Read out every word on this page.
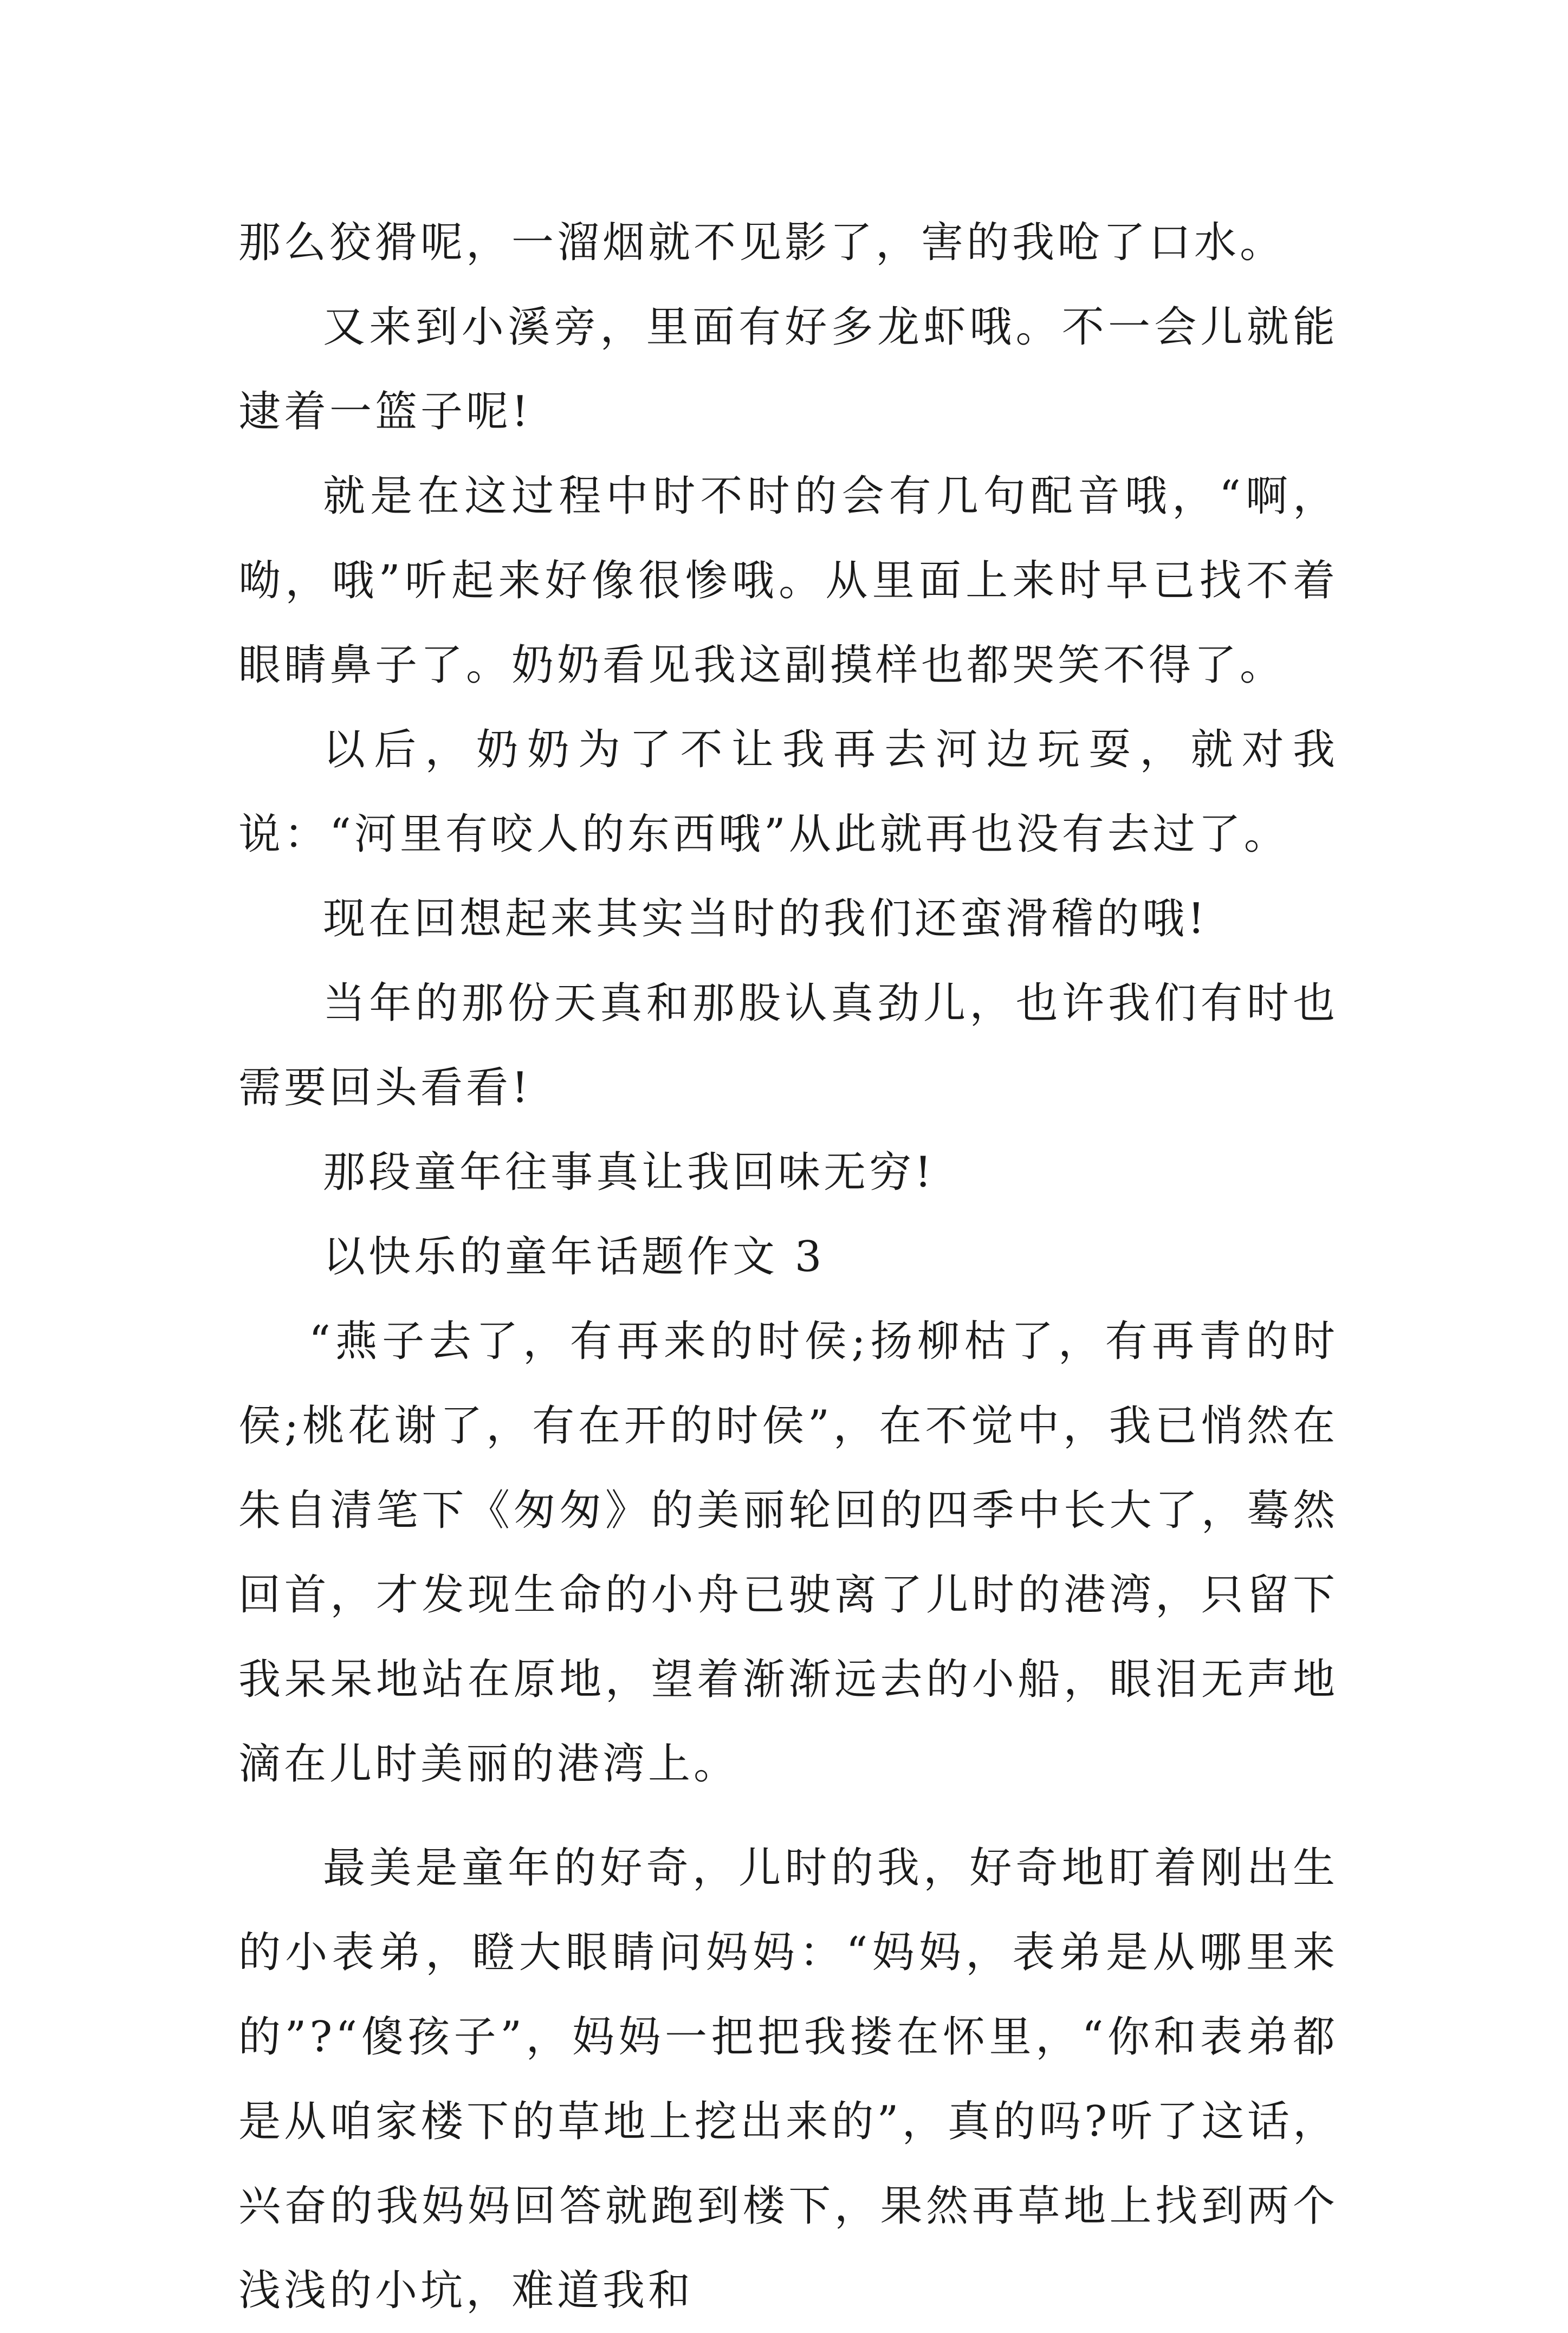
那么狡猾呢，一溜烟就不见影了，害的我呛了口水。

又来到小溪旁，里面有好多龙虾哦。不一会儿就能逮着一篮子呢!

就是在这过程中时不时的会有几句配音哦，“啊，呦，哦”听起来好像很惨哦。从里面上来时早已找不着眼睛鼻子了。奶奶看见我这副摸样也都哭笑不得了。

以后，奶奶为了不让我再去河边玩耍，就对我说：“河里有咬人的东西哦”从此就再也没有去过了。

现在回想起来其实当时的我们还蛮滑稽的哦!

当年的那份天真和那股认真劲儿，也许我们有时也需要回头看看!

那段童年往事真让我回味无穷!

以快乐的童年话题作文 3

“燕子去了，有再来的时侯;扬柳枯了，有再青的时侯;桃花谢了，有在开的时侯”，在不觉中，我已悄然在朱自清笔下《匆匆》的美丽轮回的四季中长大了，蓦然回首，才发现生命的小舟已驶离了儿时的港湾，只留下我呆呆地站在原地，望着渐渐远去的小船，眼泪无声地滴在儿时美丽的港湾上。

最美是童年的好奇，儿时的我，好奇地盯着刚出生的小表弟，瞪大眼睛问妈妈：“妈妈，表弟是从哪里来的”?“傻孩子”，妈妈一把把我搂在怀里，“你和表弟都是从咱家楼下的草地上挖出来的”，真的吗?听了这话，兴奋的我妈妈回答就跑到楼下，果然再草地上找到两个浅浅的小坑，难道我和
